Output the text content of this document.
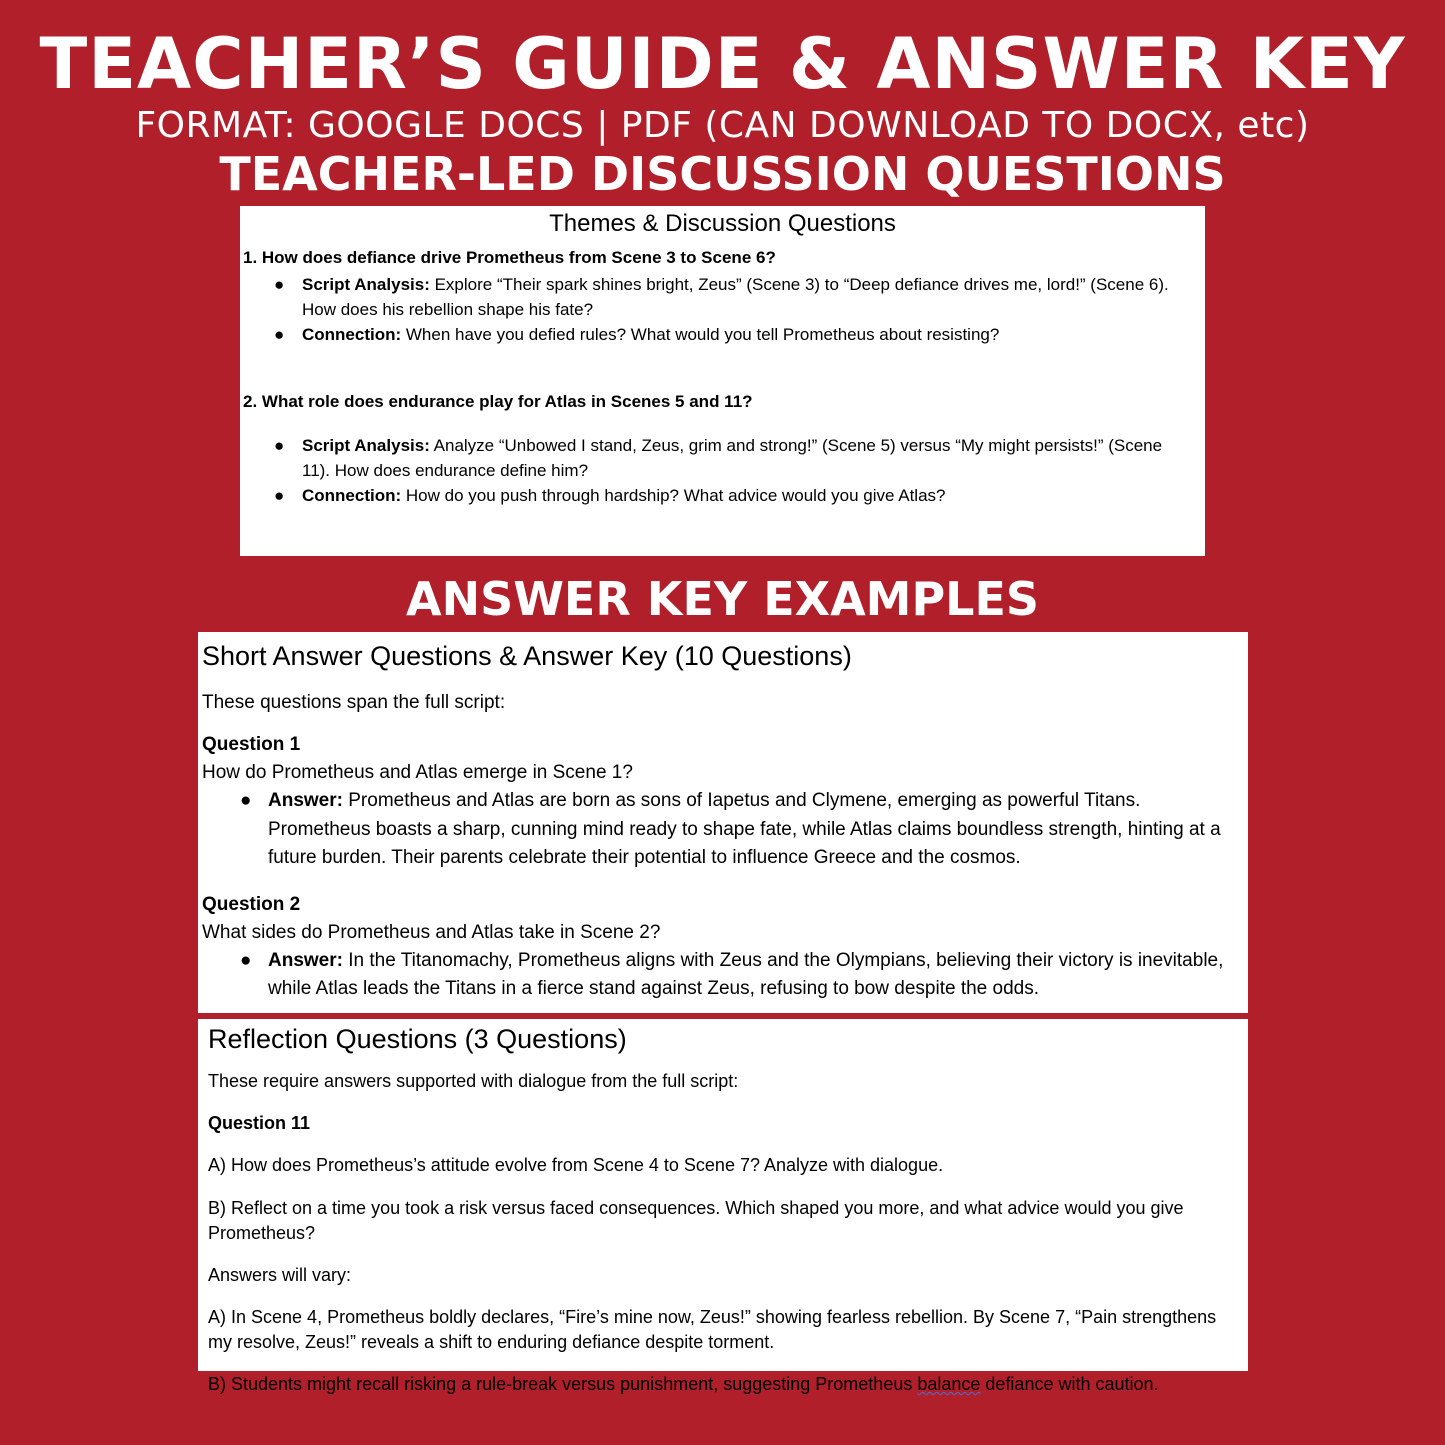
TEACHER’S GUIDE & ANSWER KEY
FORMAT: GOOGLE DOCS | PDF (CAN DOWNLOAD TO DOCX, etc)
TEACHER-LED DISCUSSION QUESTIONS

Themes & Discussion Questions

1. How does defiance drive Prometheus from Scene 3 to Scene 6?

● Script Analysis: Explore “Their spark shines bright, Zeus” (Scene 3) to “Deep defiance drives me, lord!” (Scene 6). How does his rebellion shape his fate?
● Connection: When have you defied rules? What would you tell Prometheus about resisting?

2. What role does endurance play for Atlas in Scenes 5 and 11?

● Script Analysis: Analyze “Unbowed I stand, Zeus, grim and strong!” (Scene 5) versus “My might persists!” (Scene 11). How does endurance define him?
● Connection: How do you push through hardship? What advice would you give Atlas?
ANSWER KEY EXAMPLES

Short Answer Questions & Answer Key (10 Questions)

These questions span the full script:

Question 1

How do Prometheus and Atlas emerge in Scene 1?

● Answer: Prometheus and Atlas are born as sons of Iapetus and Clymene, emerging as powerful Titans. Prometheus boasts a sharp, cunning mind ready to shape fate, while Atlas claims boundless strength, hinting at a future burden. Their parents celebrate their potential to influence Greece and the cosmos.

Question 2

What sides do Prometheus and Atlas take in Scene 2?

● Answer: In the Titanomachy, Prometheus aligns with Zeus and the Olympians, believing their victory is inevitable, while Atlas leads the Titans in a fierce stand against Zeus, refusing to bow despite the odds.

Reflection Questions (3 Questions)

These require answers supported with dialogue from the full script:

Question 11

A) How does Prometheus’s attitude evolve from Scene 4 to Scene 7? Analyze with dialogue.

B) Reflect on a time you took a risk versus faced consequences. Which shaped you more, and what advice would you give Prometheus?

Answers will vary:

A) In Scene 4, Prometheus boldly declares, “Fire’s mine now, Zeus!” showing fearless rebellion. By Scene 7, “Pain strengthens my resolve, Zeus!” reveals a shift to enduring defiance despite torment.

B) Students might recall risking a rule-break versus punishment, suggesting Prometheus balance defiance with caution.
